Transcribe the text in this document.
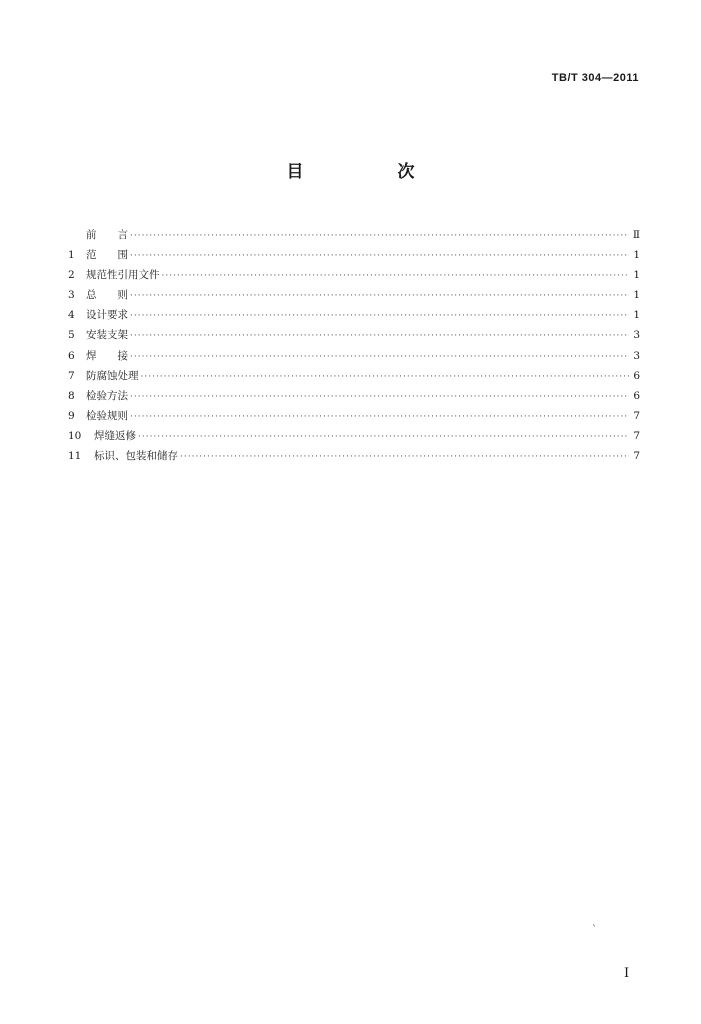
TB/T 304—2011
目 次
前　　言 ·····	Ⅱ
1	范　　围 ·····	1
2	规范性引用文件 ·····	1
3	总　　则 ·····	1
4	设计要求 ·····	1
5	安装支架 ·····	3
6	焊　　接 ·····	3
7	防腐蚀处理 ·····	6
8	检验方法 ·····	6
9	检验规则 ·····	7
10	焊缝返修 ·····	7
11	标识、包装和储存 ·····	7
`
I
